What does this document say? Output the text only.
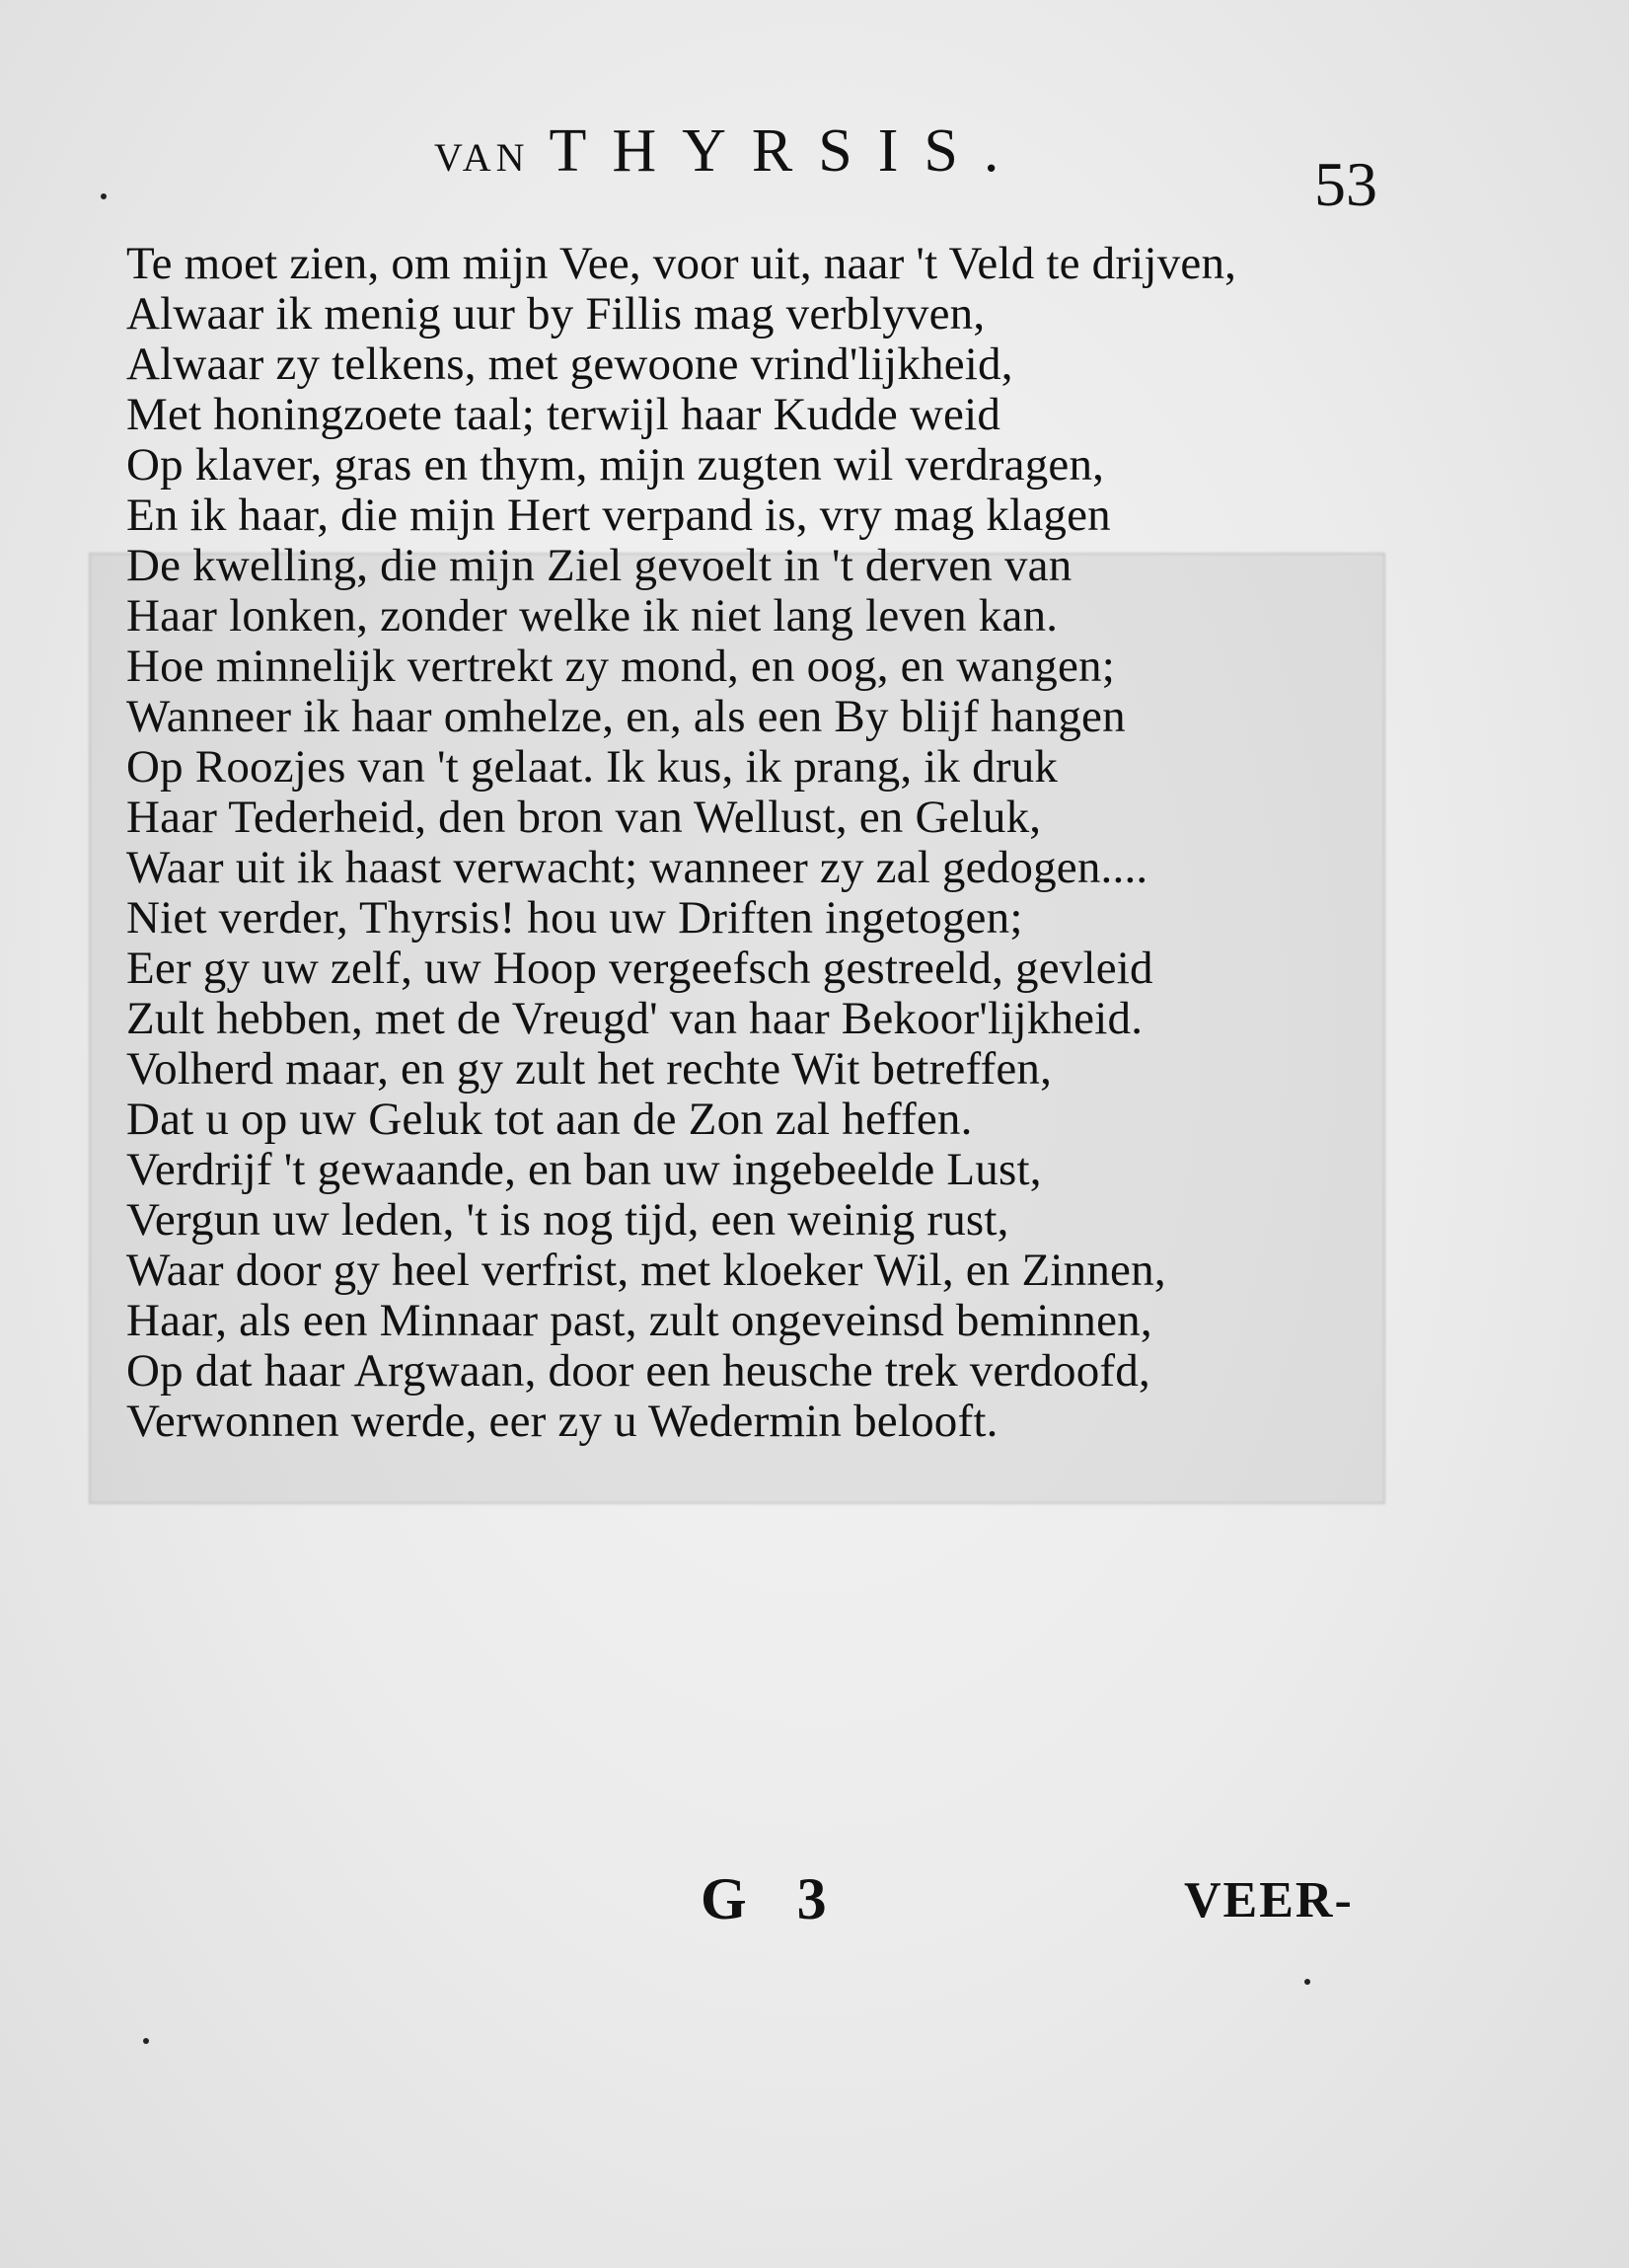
VAN THYRSIS.	53
Te moet zien, om mijn Vee, voor uit, naar 't Veld te drijven,
Alwaar ik menig uur by Fillis mag verblyven,
Alwaar zy telkens, met gewoone vrind'lijkheid,
Met honingzoete taal; terwijl haar Kudde weid
Op klaver, gras en thym, mijn zugten wil verdragen,
En ik haar, die mijn Hert verpand is, vry mag klagen
De kwelling, die mijn Ziel gevoelt in 't derven van
Haar lonken, zonder welke ik niet lang leven kan.
Hoe minnelijk vertrekt zy mond, en oog, en wangen;
Wanneer ik haar omhelze, en, als een By blijf hangen
Op Roozjes van 't gelaat. Ik kus, ik prang, ik druk
Haar Tederheid, den bron van Wellust, en Geluk,
Waar uit ik haast verwacht; wanneer zy zal gedogen....
Niet verder, Thyrsis! hou uw Driften ingetogen;
Eer gy uw zelf, uw Hoop vergeefsch gestreeld, gevleid
Zult hebben, met de Vreugd' van haar Bekoor'lijkheid.
Volherd maar, en gy zult het rechte Wit betreffen,
Dat u op uw Geluk tot aan de Zon zal heffen.
Verdrijf 't gewaande, en ban uw ingebeelde Lust,
Vergun uw leden, 't is nog tijd, een weinig rust,
Waar door gy heel verfrist, met kloeker Wil, en Zinnen,
Haar, als een Minnaar past, zult ongeveinsd beminnen,
Op dat haar Argwaan, door een heusche trek verdoofd,
Verwonnen werde, eer zy u Wedermin belooft.
G 3	VEER-
